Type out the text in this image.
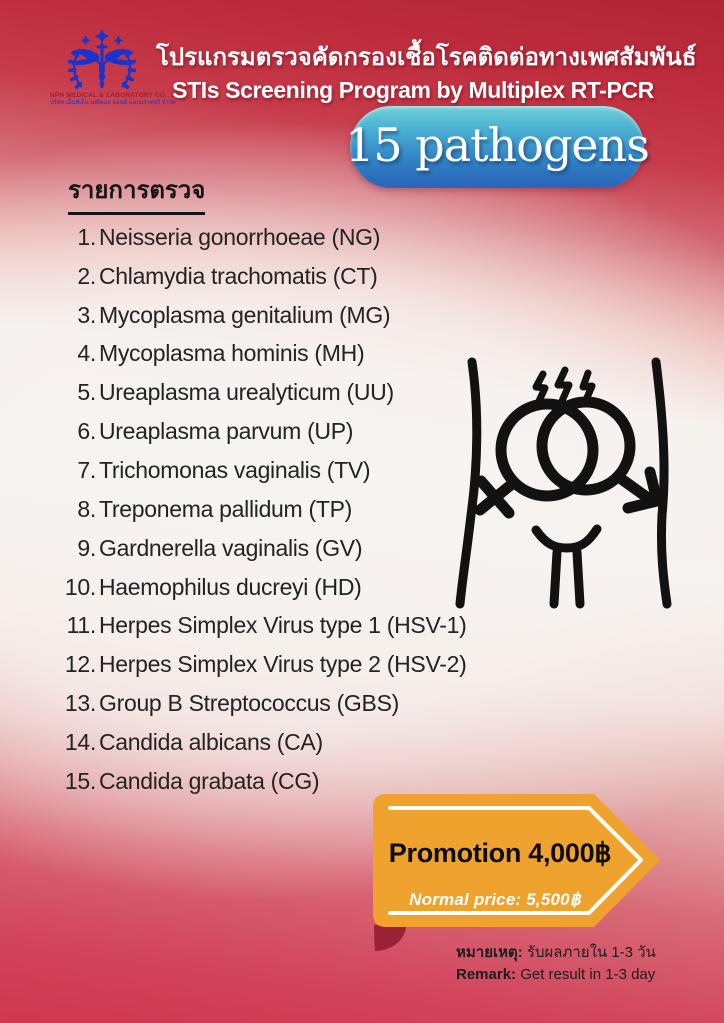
NPN MEDICAL & LABORATORY CO., LTD.
บริษัท เอ็นพีเอ็น เมดิคอล แอนด์ แลบอราทอรี จำกัด
โปรแกรมตรวจคัดกรองเชื้อโรคติดต่อทางเพศสัมพันธ์
STIs Screening Program by Multiplex RT-PCR
15 pathogens
รายการตรวจ
1. Neisseria gonorrhoeae (NG)
2. Chlamydia trachomatis (CT)
3. Mycoplasma genitalium (MG)
4. Mycoplasma hominis (MH)
5. Ureaplasma urealyticum (UU)
6. Ureaplasma parvum (UP)
7. Trichomonas vaginalis (TV)
8. Treponema pallidum (TP)
9. Gardnerella vaginalis (GV)
10. Haemophilus ducreyi (HD)
11. Herpes Simplex Virus type 1 (HSV-1)
12. Herpes Simplex Virus type 2 (HSV-2)
13. Group B Streptococcus (GBS)
14. Candida albicans (CA)
15. Candida grabata (CG)
Promotion 4,000฿
Normal price: 5,500฿
หมายเหตุ: รับผลภายใน 1-3 วัน
Remark: Get result in 1-3 day
